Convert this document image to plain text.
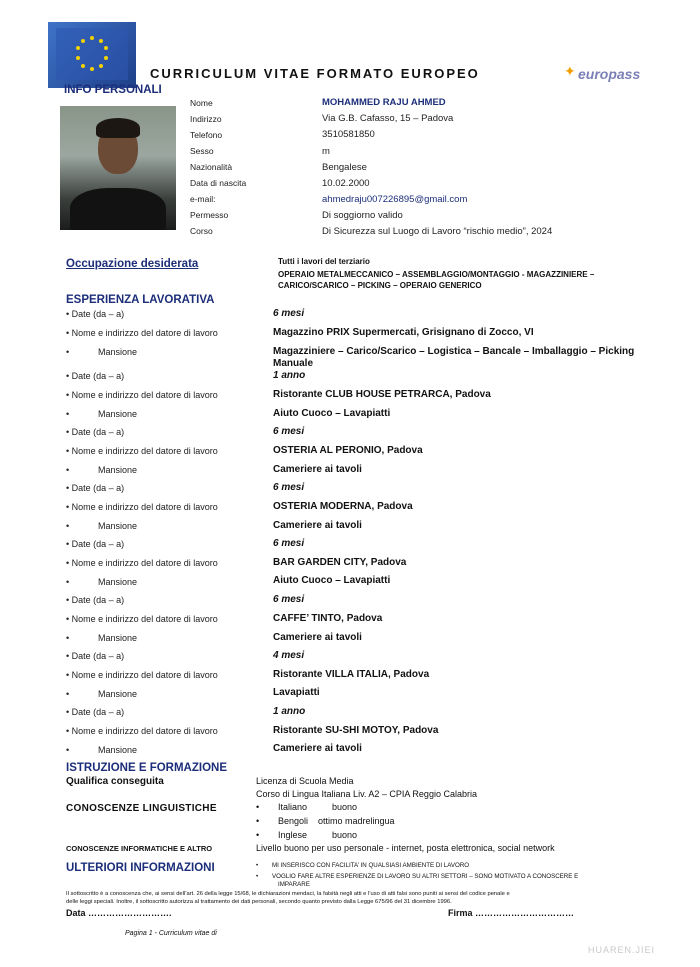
CURRICULUM VITAE FORMATO EUROPEO	✦ europass
INFO PERSONALI
Nome	MOHAMMED RAJU AHMED
Indirizzo	Via G.B. Cafasso, 15 – Padova
Telefono	3510581850
Sesso	m
Nazionalità	Bengalese
Data di nascita	10.02.2000
e-mail:	ahmedraju007226895@gmail.com
Permesso	Di soggiorno valido
Corso	Di Sicurezza sul Luogo di Lavoro “rischio medio”, 2024
Occupazione desiderata	Tutti i lavori del terziario
OPERAIO METALMECCANICO – ASSEMBLAGGIO/MONTAGGIO - MAGAZZINIERE –
CARICO/SCARICO – PICKING – OPERAIO GENERICO
ESPERIENZA LAVORATIVA
• Date (da – a)	6 mesi
• Nome e indirizzo del datore di lavoro	Magazzino PRIX Supermercati, Grisignano di Zocco, VI
•	Mansione	Magazziniere – Carico/Scarico – Logistica – Bancale – Imballaggio – Picking
Manuale
• Date (da – a)	1 anno
• Nome e indirizzo del datore di lavoro	Ristorante CLUB HOUSE PETRARCA, Padova
•	Mansione	Aiuto Cuoco – Lavapiatti
• Date (da – a)	6 mesi
• Nome e indirizzo del datore di lavoro	OSTERIA AL PERONIO, Padova
•	Mansione	Cameriere ai tavoli
• Date (da – a)	6 mesi
• Nome e indirizzo del datore di lavoro	OSTERIA MODERNA, Padova
•	Mansione	Cameriere ai tavoli
• Date (da – a)	6 mesi
• Nome e indirizzo del datore di lavoro	BAR GARDEN CITY, Padova
•	Mansione	Aiuto Cuoco – Lavapiatti
• Date (da – a)	6 mesi
• Nome e indirizzo del datore di lavoro	CAFFE’ TINTO, Padova
•	Mansione	Cameriere ai tavoli
• Date (da – a)	4 mesi
• Nome e indirizzo del datore di lavoro	Ristorante VILLA ITALIA, Padova
•	Mansione	Lavapiatti
• Date (da – a)	1 anno
• Nome e indirizzo del datore di lavoro	Ristorante SU-SHI MOTOY, Padova
•	Mansione	Cameriere ai tavoli
ISTRUZIONE E FORMAZIONE
Qualifica conseguita	Licenza di Scuola Media
Corso di Lingua Italiana Liv. A2 – CPIA Reggio Calabria
CONOSCENZE LINGUISTICHE	• Italiano	buono
• Bengoli ottimo madrelingua
• Inglese	buono
CONOSCENZE INFORMATICHE E ALTRO	Livello buono per uso personale - internet, posta elettronica, social network
ULTERIORI INFORMAZIONI	• MI INSERISCO CON FACILITA’ IN QUALSIASI AMBIENTE DI LAVORO
• VOGLIO FARE ALTRE ESPERIENZE DI LAVORO SU ALTRI SETTORI – SONO MOTIVATO A CONOSCERE E
IMPARARE
Il sottoscritto è a conoscenza che, ai sensi dell’art. 26 della legge 15/68, le dichiarazioni mendaci, la falsità negli atti e l’uso di atti falsi sono puniti ai sensi del codice penale e
delle leggi speciali. Inoltre, il sottoscritto autorizza al trattamento dei dati personali, secondo quanto previsto dalla Legge 675/96 del 31 dicembre 1996.
Data ……………………….	Firma ……………………………
Pagina 1 - Curriculum vitae di
HUAREN.JIEI
